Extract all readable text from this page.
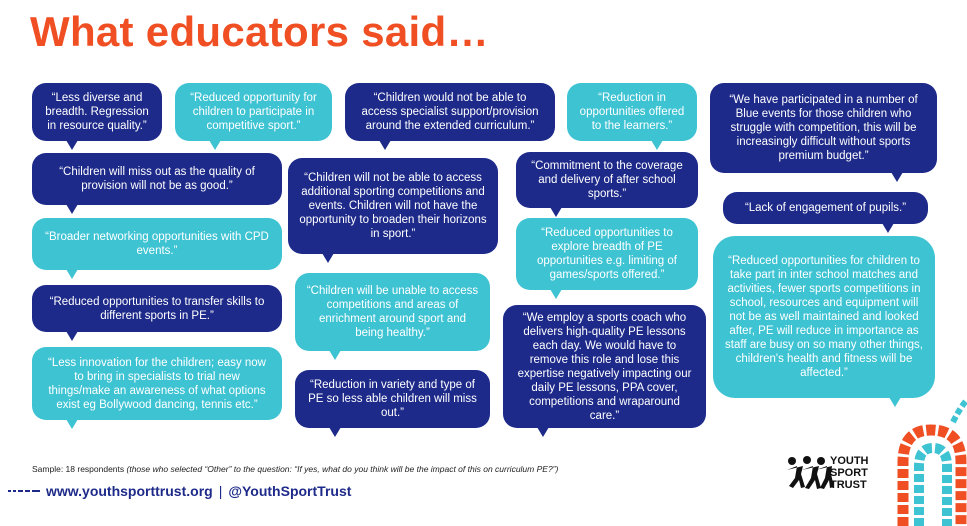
What educators said…
“Less diverse and breadth. Regression in resource quality.”
“Children will miss out as the quality of provision will not be as good.”
“Broader networking opportunities with CPD events.”
“Reduced opportunities to transfer skills to different sports in PE.”
“Less innovation for the children; easy now to bring in specialists to trial new things/make an awareness of what options exist eg Bollywood dancing, tennis etc.”
“Reduced opportunity for children to participate in competitive sport.”
“Children will not be able to access additional sporting competitions and events. Children will not have the opportunity to broaden their horizons in sport.”
“Children will be unable to access competitions and areas of enrichment around sport and being healthy.”
“Reduction in variety and type of PE so less able children will miss out.”
“Children would not be able to access specialist support/provision around the extended curriculum.”
“Reduction in opportunities offered to the learners.”
“Commitment to the coverage and delivery of after school sports.”
“Reduced opportunities to explore breadth of PE opportunities e.g. limiting of games/sports offered.”
“We employ a sports coach who delivers high-quality PE lessons each day. We would have to remove this role and lose this expertise negatively impacting our daily PE lessons, PPA cover, competitions and wraparound care.”
“We have participated in a number of Blue events for those children who struggle with competition, this will be increasingly difficult without sports premium budget.”
“Lack of engagement of pupils.”
“Reduced opportunities for children to take part in inter school matches and activities, fewer sports competitions in school, resources and equipment will not be as well maintained and looked after, PE will reduce in importance as staff are busy on so many other things, children's health and fitness will be affected.”
Sample: 18 respondents (those who selected “Other” to the question: “If yes, what do you think will be the impact of this on curriculum PE?”)
www.youthsporttrust.org | @YouthSportTrust
YOUTH
SPORT
TRUST
